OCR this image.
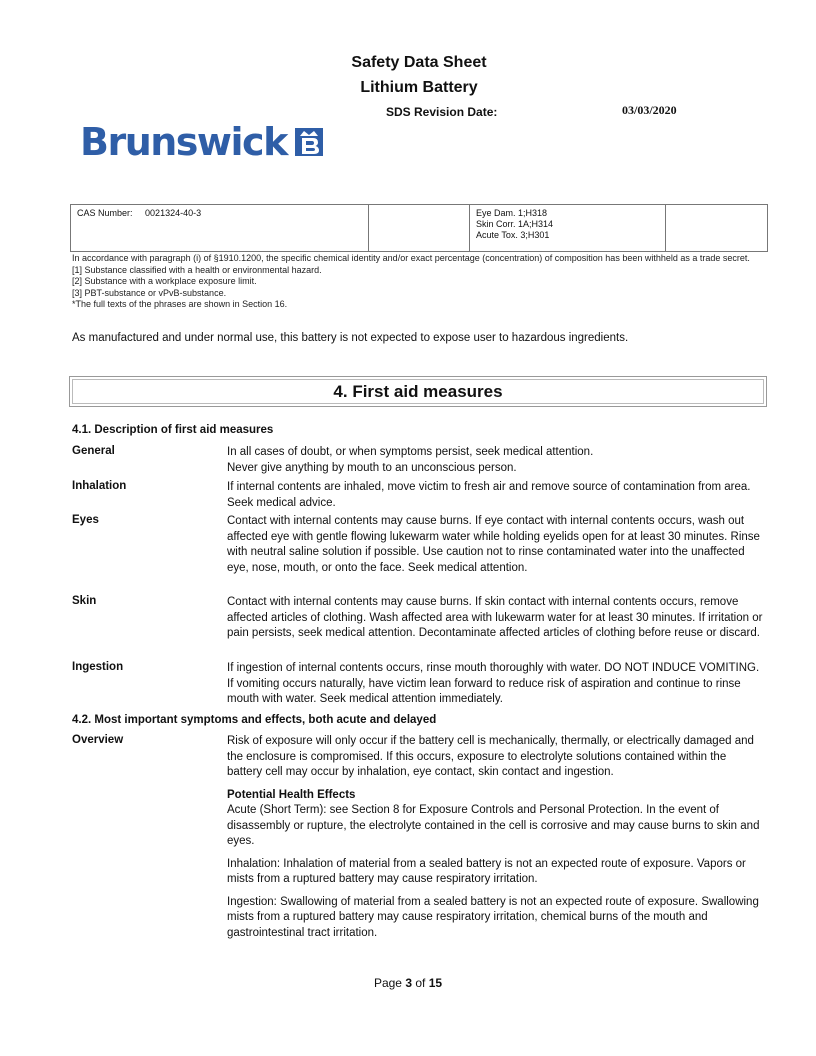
Safety Data Sheet
Lithium Battery
SDS Revision Date:	03/03/2020
Brunswick
CAS Number: 0021324-40-3		Eye Dam. 1;H318
Skin Corr. 1A;H314
Acute Tox. 3;H301

In accordance with paragraph (i) of §1910.1200, the specific chemical identity and/or exact percentage (concentration) of composition has been withheld as a trade secret.
[1] Substance classified with a health or environmental hazard.
[2] Substance with a workplace exposure limit.
[3] PBT-substance or vPvB-substance.
*The full texts of the phrases are shown in Section 16.
As manufactured and under normal use, this battery is not expected to expose user to hazardous ingredients.
4. First aid measures
4.1. Description of first aid measures
General	In all cases of doubt, or when symptoms persist, seek medical attention.
Never give anything by mouth to an unconscious person.
Inhalation	If internal contents are inhaled, move victim to fresh air and remove source of contamination from area. Seek medical advice.
Eyes	Contact with internal contents may cause burns. If eye contact with internal contents occurs, wash out affected eye with gentle flowing lukewarm water while holding eyelids open for at least 30 minutes. Rinse with neutral saline solution if possible. Use caution not to rinse contaminated water into the unaffected eye, nose, mouth, or onto the face. Seek medical attention.
Skin	Contact with internal contents may cause burns. If skin contact with internal contents occurs, remove affected articles of clothing. Wash affected area with lukewarm water for at least 30 minutes. If irritation or pain persists, seek medical attention. Decontaminate affected articles of clothing before reuse or discard.
Ingestion	If ingestion of internal contents occurs, rinse mouth thoroughly with water. DO NOT INDUCE VOMITING. If vomiting occurs naturally, have victim lean forward to reduce risk of aspiration and continue to rinse mouth with water. Seek medical attention immediately.
4.2. Most important symptoms and effects, both acute and delayed
Overview	Risk of exposure will only occur if the battery cell is mechanically, thermally, or electrically damaged and the enclosure is compromised. If this occurs, exposure to electrolyte solutions contained within the battery cell may occur by inhalation, eye contact, skin contact and ingestion.
Potential Health Effects
Acute (Short Term): see Section 8 for Exposure Controls and Personal Protection. In the event of disassembly or rupture, the electrolyte contained in the cell is corrosive and may cause burns to skin and eyes.
Inhalation: Inhalation of material from a sealed battery is not an expected route of exposure. Vapors or mists from a ruptured battery may cause respiratory irritation.
Ingestion: Swallowing of material from a sealed battery is not an expected route of exposure. Swallowing mists from a ruptured battery may cause respiratory irritation, chemical burns of the mouth and gastrointestinal tract irritation.
Page 3 of 15
